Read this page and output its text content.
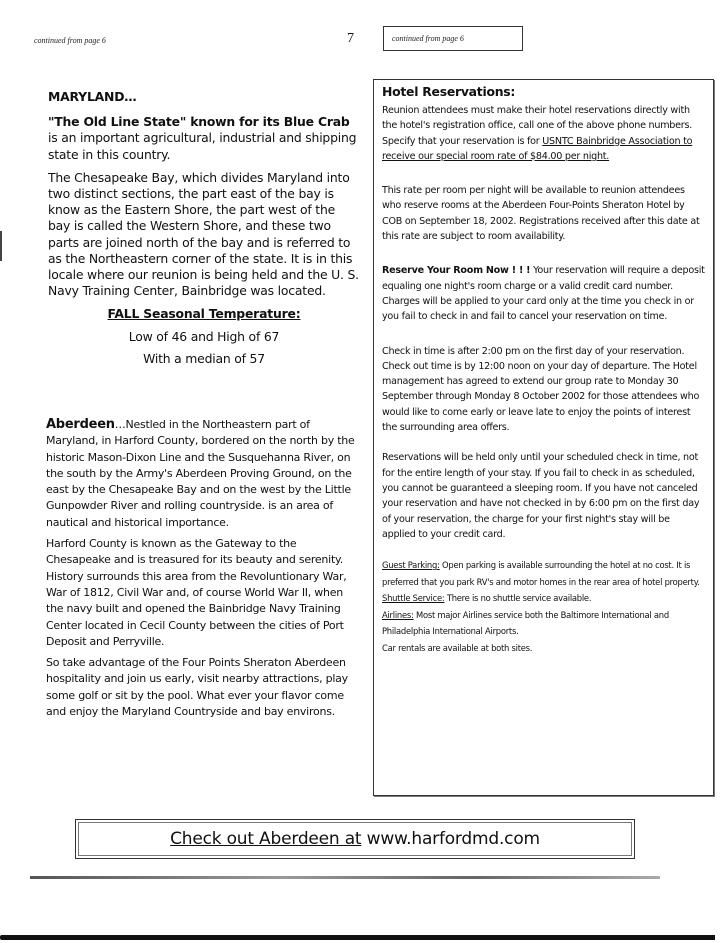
continued from page 6	7	continued from page 6
MARYLAND…

"The Old Line State" known for its Blue Crab is an important agricultural, industrial and shipping state in this country.

The Chesapeake Bay, which divides Maryland into two distinct sections, the part east of the bay is know as the Eastern Shore, the part west of the bay is called the Western Shore, and these two parts are joined north of the bay and is referred to as the Northeastern corner of the state. It is in this locale where our reunion is being held and the U. S. Navy Training Center, Bainbridge was located.

FALL Seasonal Temperature:
Low of 46 and High of 67
With a median of 57

Aberdeen…Nestled in the Northeastern part of Maryland, in Harford County, bordered on the north by the historic Mason-Dixon Line and the Susquehanna River, on the south by the Army's Aberdeen Proving Ground, on the east by the Chesapeake Bay and on the west by the Little Gunpowder River and rolling countryside. is an area of nautical and historical importance.

Harford County is known as the Gateway to the Chesapeake and is treasured for its beauty and serenity. History surrounds this area from the Revoluntionary War, War of 1812, Civil War and, of course World War II, when the navy built and opened the Bainbridge Navy Training Center located in Cecil County between the cities of Port Deposit and Perryville.

So take advantage of the Four Points Sheraton Aberdeen hospitality and join us early, visit nearby attractions, play some golf or sit by the pool. What ever your flavor come and enjoy the Maryland Countryside and bay environs.

Hotel Reservations:

Reunion attendees must make their hotel reservations directly with the hotel's registration office, call one of the above phone numbers. Specify that your reservation is for USNTC Bainbridge Association to receive our special room rate of $84.00 per night.

This rate per room per night will be available to reunion attendees who reserve rooms at the Aberdeen Four-Points Sheraton Hotel by COB on September 18, 2002. Registrations received after this date at this rate are subject to room availability.

Reserve Your Room Now ! ! ! Your reservation will require a deposit equaling one night's room charge or a valid credit card number. Charges will be applied to your card only at the time you check in or you fail to check in and fail to cancel your reservation on time.

Check in time is after 2:00 pm on the first day of your reservation. Check out time is by 12:00 noon on your day of departure. The Hotel management has agreed to extend our group rate to Monday 30 September through Monday 8 October 2002 for those attendees who would like to come early or leave late to enjoy the points of interest the surrounding area offers.

Reservations will be held only until your scheduled check in time, not for the entire length of your stay. If you fail to check in as scheduled, you cannot be guaranteed a sleeping room. If you have not canceled your reservation and have not checked in by 6:00 pm on the first day of your reservation, the charge for your first night's stay will be applied to your credit card.

Guest Parking: Open parking is available surrounding the hotel at no cost. It is preferred that you park RV's and motor homes in the rear area of hotel property.

Shuttle Service: There is no shuttle service available.

Airlines: Most major Airlines service both the Baltimore International and Philadelphia International Airports.

Car rentals are available at both sites.

Check out Aberdeen at www.harfordmd.com
